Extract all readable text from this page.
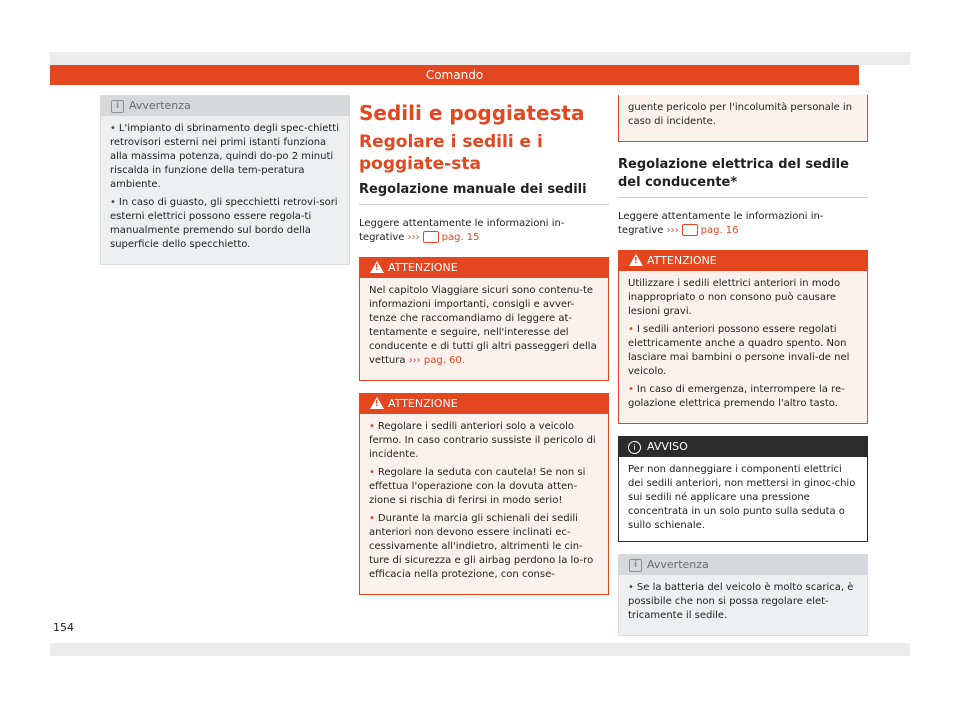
Comando
i Avvertenza

• L'impianto di sbrinamento degli spec-chietti retrovisori esterni nei primi istanti funziona alla massima potenza, quindi do-po 2 minuti riscalda in funzione della tem-peratura ambiente.

• In caso di guasto, gli specchietti retrovi-sori esterni elettrici possono essere regola-ti manualmente premendo sul bordo della superficie dello specchietto.

Sedili e poggiatesta
Regolare i sedili e i poggiate-sta
Regolazione manuale dei sedili

Leggere attentamente le informazioni in-tegrative ››› pag. 15

! ATTENZIONE

Nel capitolo Viaggiare sicuri sono contenu-te informazioni importanti, consigli e avver-tenze che raccomandiamo di leggere at-tentamente e seguire, nell'interesse del conducente e di tutti gli altri passeggeri della vettura ››› pag. 60.

! ATTENZIONE

• Regolare i sedili anteriori solo a veicolo fermo. In caso contrario sussiste il pericolo di incidente.

• Regolare la seduta con cautela! Se non si effettua l'operazione con la dovuta atten-zione si rischia di ferirsi in modo serio!

• Durante la marcia gli schienali dei sedili anteriori non devono essere inclinati ec-cessivamente all'indietro, altrimenti le cin-ture di sicurezza e gli airbag perdono la lo-ro efficacia nella protezione, con conse-

guente pericolo per l'incolumità personale in caso di incidente.

Regolazione elettrica del sedile del conducente*

Leggere attentamente le informazioni in-tegrative ››› pag. 16

! ATTENZIONE

Utilizzare i sedili elettrici anteriori in modo inappropriato o non consono può causare lesioni gravi.

• I sedili anteriori possono essere regolati elettricamente anche a quadro spento. Non lasciare mai bambini o persone invali-de nel veicolo.

• In caso di emergenza, interrompere la re-golazione elettrica premendo l'altro tasto.

i	AVVISO

Per non danneggiare i componenti elettrici dei sedili anteriori, non mettersi in ginoc-chio sui sedili né applicare una pressione concentrata in un solo punto sulla seduta o sullo schienale.

i Avvertenza

• Se la batteria del veicolo è molto scarica, è possibile che non si possa regolare elet-tricamente il sedile.

154
